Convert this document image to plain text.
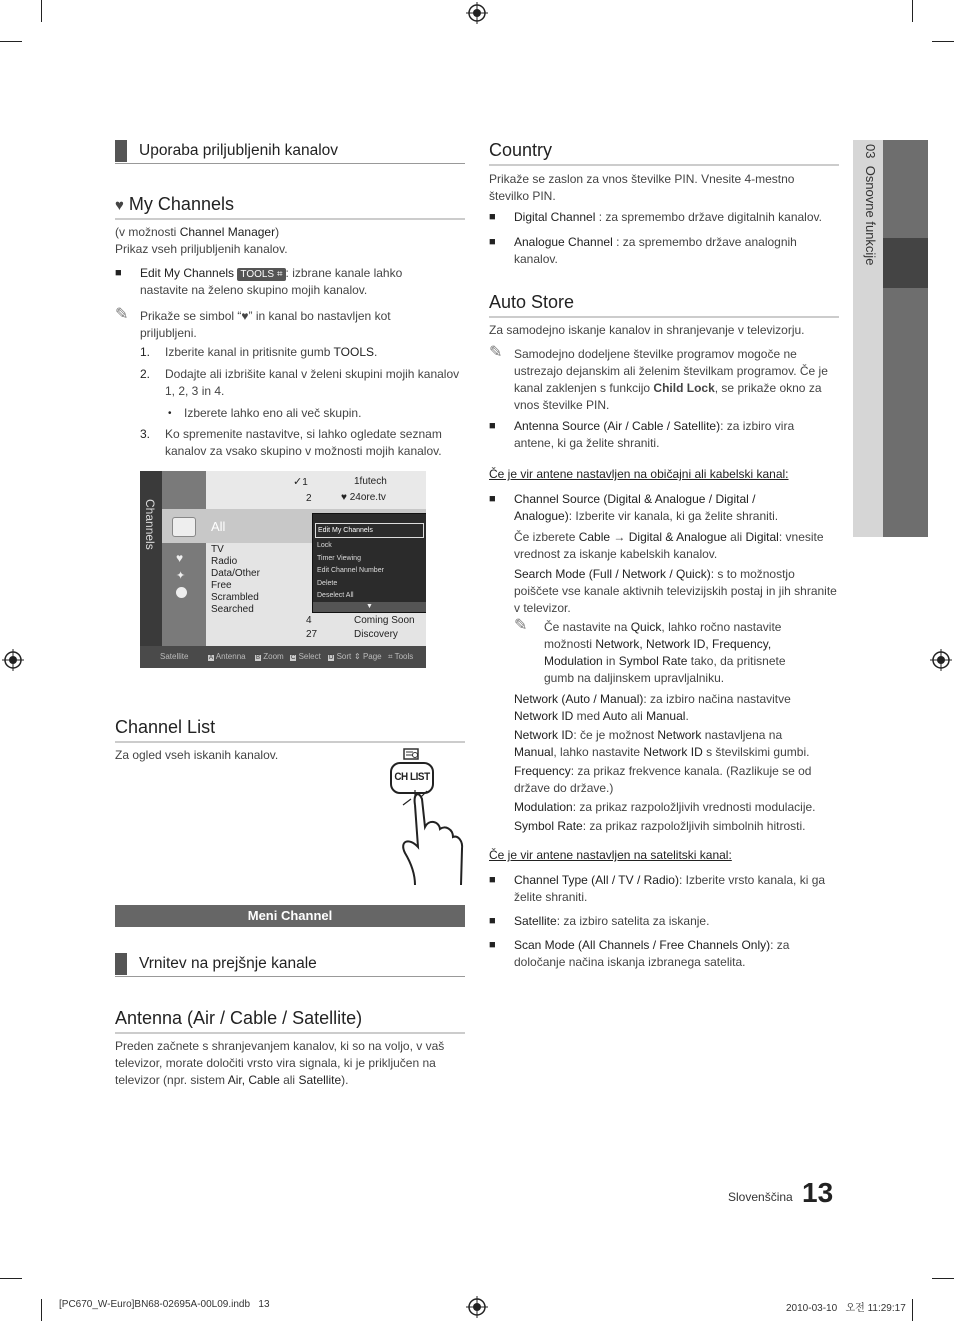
03  Osnovne funkcije
Uporaba priljubljenih kanalov
♥ My Channels
(v možnosti Channel Manager)
Prikaz vseh priljubljenih kanalov.
■ Edit My Channels TOOLS ⌗ : izbrane kanale lahko
nastavite na želeno skupino mojih kanalov.
✎ Prikaže se simbol “♥” in kanal bo nastavljen kot
priljubljeni.
1. Izberite kanal in pritisnite gumb TOOLS.
2. Dodajte ali izbrišite kanal v želeni skupini mojih kanalov
1, 2, 3 in 4.
• Izberete lahko eno ali več skupin.
3. Ko spremenite nastavitve, si lahko ogledate seznam
kanalov za vsako skupino v možnosti mojih kanalov.
Channels
✓1	1futech
2	♥ 24ore.tv
All
♥
✦
TV
Radio
Data/Other
Free
Scrambled
Searched
4	Coming Soon
27	Discovery
Edit My Channels
Lock
Timer Viewing
Edit Channel Number
Delete
Deselect All
▼
Satellite	A Antenna B Zoom C Select D Sort ⇕ Page ⌗ Tools
Channel List
Za ogled vseh iskanih kanalov.
CH LIST
Meni Channel
Vrnitev na prejšnje kanale
Antenna (Air / Cable / Satellite)
Preden začnete s shranjevanjem kanalov, ki so na voljo, v vaš
televizor, morate določiti vrsto vira signala, ki je priključen na
televizor (npr. sistem Air, Cable ali Satellite).
Country
Prikaže se zaslon za vnos številke PIN. Vnesite 4-mestno
številko PIN.
■ Digital Channel : za spremembo države digitalnih kanalov.
■ Analogue Channel : za spremembo države analognih
kanalov.
Auto Store
Za samodejno iskanje kanalov in shranjevanje v televizorju.
✎ Samodejno dodeljene številke programov mogoče ne
ustrezajo dejanskim ali želenim številkam programov. Če je
kanal zaklenjen s funkcijo Child Lock, se prikaže okno za
vnos številke PIN.
■ Antenna Source (Air / Cable / Satellite): za izbiro vira
antene, ki ga želite shraniti.
Če je vir antene nastavljen na običajni ali kabelski kanal:
■ Channel Source (Digital & Analogue / Digital /
Analogue): Izberite vir kanala, ki ga želite shraniti.
Če izberete Cable → Digital & Analogue ali Digital: vnesite
vrednost za iskanje kabelskih kanalov.
Search Mode (Full / Network / Quick): s to možnostjo
poiščete vse kanale aktivnih televizijskih postaj in jih shranite
v televizor.
✎ Če nastavite na Quick, lahko ročno nastavite
možnosti Network, Network ID, Frequency,
Modulation in Symbol Rate tako, da pritisnete
gumb na daljinskem upravljalniku.
Network (Auto / Manual): za izbiro načina nastavitve
Network ID med Auto ali Manual.
Network ID: če je možnost Network nastavljena na
Manual, lahko nastavite Network ID s številskimi gumbi.
Frequency: za prikaz frekvence kanala. (Razlikuje se od
države do države.)
Modulation: za prikaz razpoložljivih vrednosti modulacije.
Symbol Rate: za prikaz razpoložljivih simbolnih hitrosti.
Če je vir antene nastavljen na satelitski kanal:
■ Channel Type (All / TV / Radio): Izberite vrsto kanala, ki ga
želite shraniti.
■ Satellite: za izbiro satelita za iskanje.
■ Scan Mode (All Channels / Free Channels Only): za
določanje načina iskanja izbranega satelita.
Slovenščina 13
[PC670_W-Euro]BN68-02695A-00L09.indb   13	2010-03-10   오전 11:29:17
